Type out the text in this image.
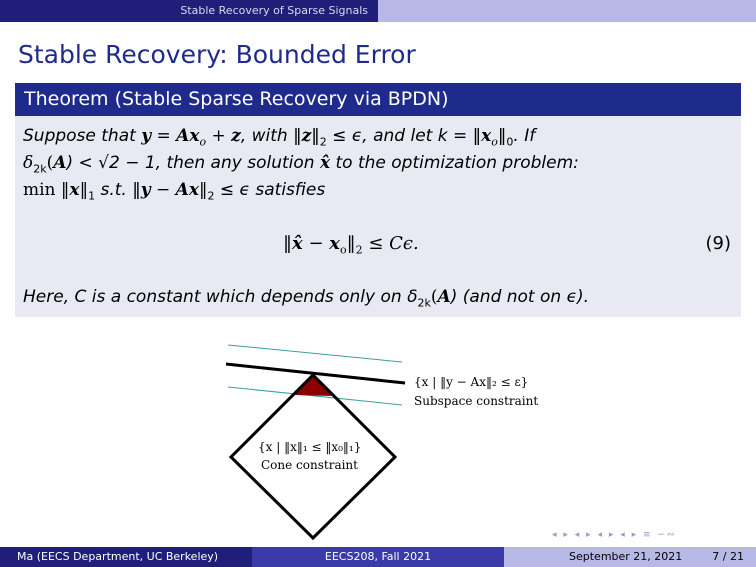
Stable Recovery of Sparse Signals
Stable Recovery: Bounded Error
Theorem (Stable Sparse Recovery via BPDN)
Suppose that $y = Ax_o + z$, with $‖z‖_2 \le \epsilon$, and let $k = ‖x_o‖_0$. If
$\delta_{2k}(A) < √2 - 1$, then any solution x̂ to the optimization problem:
$\min ‖x‖_1$ s.t. ‖y − $Ax‖_2 \le \epsilon$ satisfies
‖x̂ − $x_o‖_2 \le C\epsilon$.	(9)
Here, C is a constant which depends only on $\delta_{2k}(A)$ (and not on ϵ).
{x | ‖y − Ax‖₂ ≤ ε}
Subspace constraint
{x | ‖x‖₁ ≤ ‖x₀‖₁}
Cone constraint
◂ ▸ ◂ ▸ ◂ ▸ ◂ ▸ ≡ ∽∾
Ma (EECS Department, UC Berkeley)	EECS208, Fall 2021	September 21, 2021	7 / 21
